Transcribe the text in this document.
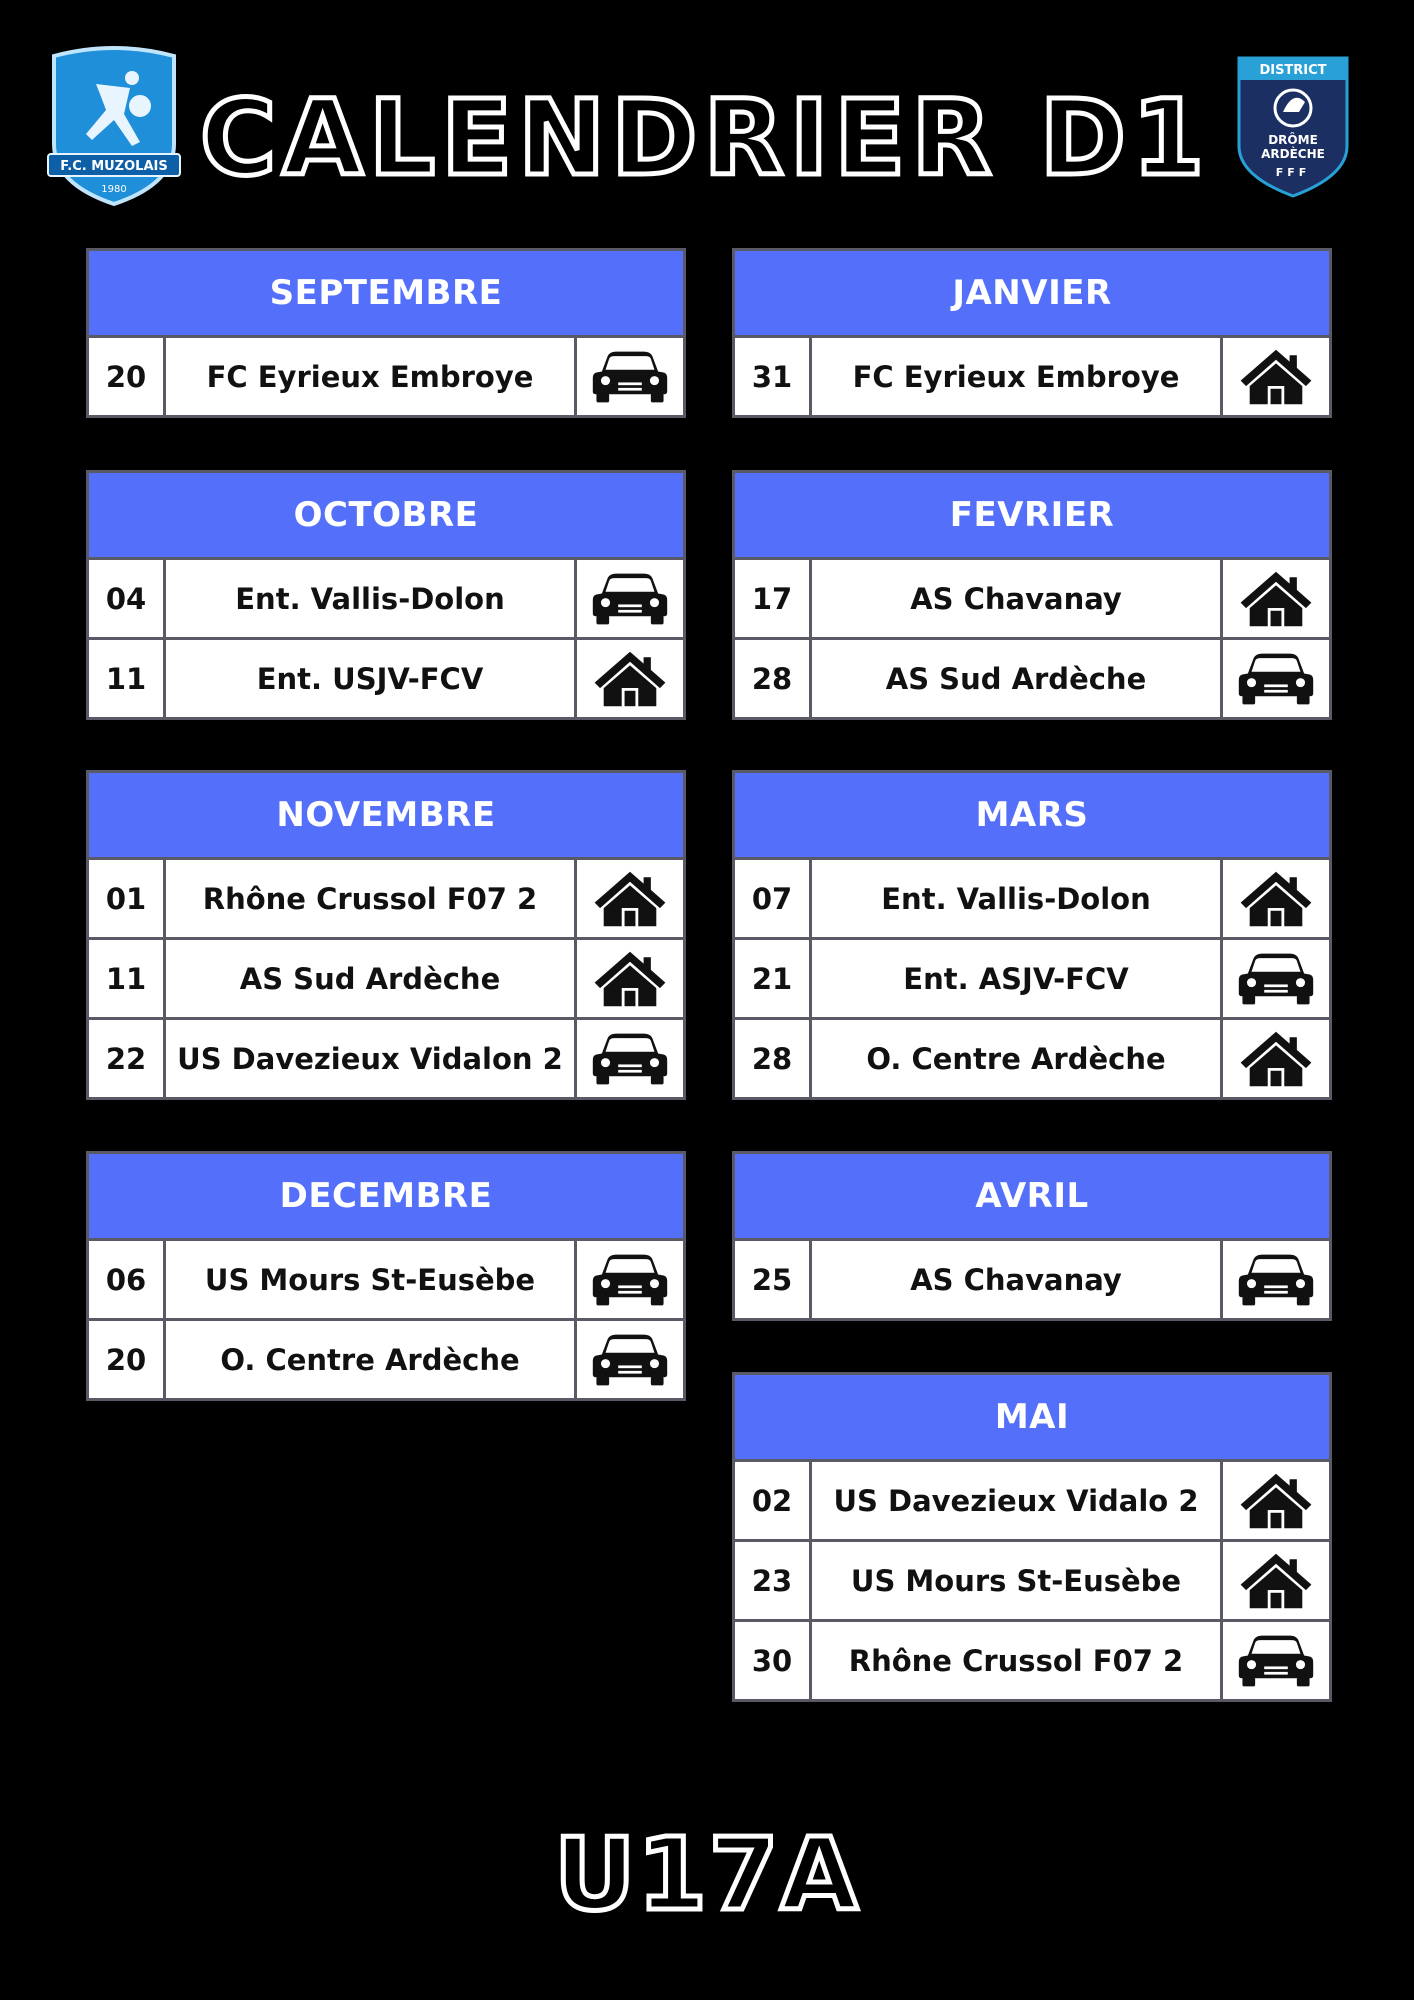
F.C. MUZOLAIS
1980
DISTRICT
DRÔME
ARDÈCHE
FFF
CALENDRIER D1
SEPTEMBRE
20	FC Eyrieux Embroye
OCTOBRE
04	Ent. Vallis-Dolon
11	Ent. USJV-FCV
NOVEMBRE
01	Rhône Crussol F07 2
11	AS Sud Ardèche
22	US Davezieux Vidalon 2
DECEMBRE
06	US Mours St-Eusèbe
20	O. Centre Ardèche
JANVIER
31	FC Eyrieux Embroye
FEVRIER
17	AS Chavanay
28	AS Sud Ardèche
MARS
07	Ent. Vallis-Dolon
21	Ent. ASJV-FCV
28	O. Centre Ardèche
AVRIL
25	AS Chavanay
MAI
02	US Davezieux Vidalo 2
23	US Mours St-Eusèbe
30	Rhône Crussol F07 2
U17A
